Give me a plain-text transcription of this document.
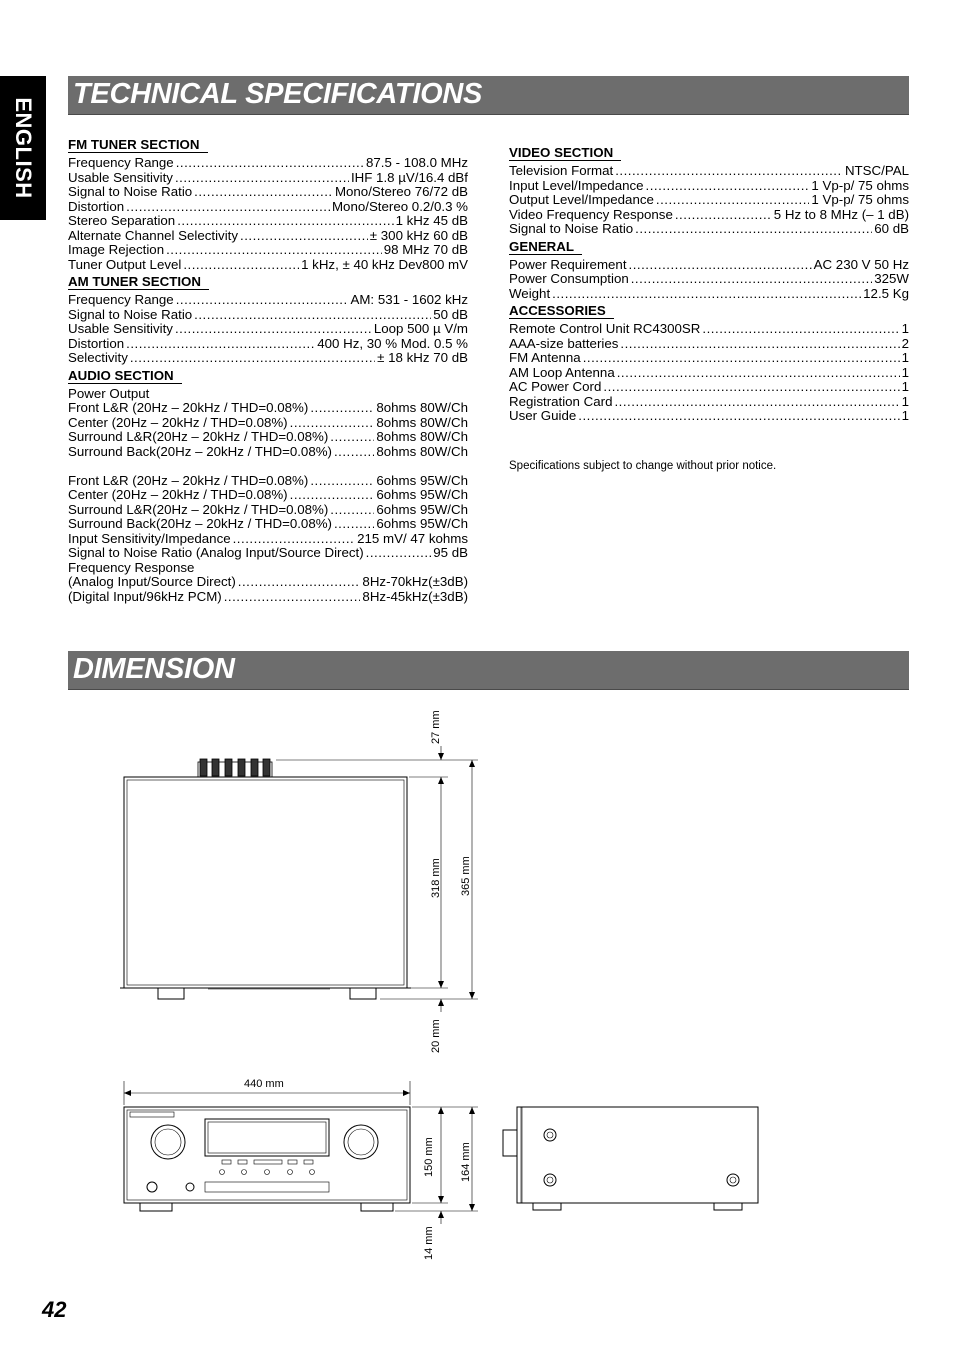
ENGLISH
TECHNICAL SPECIFICATIONS
FM TUNER SECTION
Frequency Range .....	87.5 - 108.0 MHz
Usable Sensitivity .....	IHF 1.8 µV/16.4 dBf
Signal to Noise Ratio .....	Mono/Stereo 76/72 dB
Distortion .....	Mono/Stereo 0.2/0.3 %
Stereo Separation .....	1 kHz 45 dB
Alternate Channel Selectivity .....	± 300 kHz 60 dB
Image Rejection .....	98 MHz 70 dB
Tuner Output Level .....	1 kHz, ± 40 kHz Dev800 mV
AM TUNER SECTION
Frequency Range .....	AM: 531 - 1602 kHz
Signal to Noise Ratio .....	50 dB
Usable Sensitivity .....	Loop 500 µ V/m
Distortion .....	400 Hz, 30 % Mod. 0.5 %
Selectivity .....	± 18 kHz 70 dB
AUDIO SECTION
Power Output
Front L&R (20Hz – 20kHz / THD=0.08%) .....	8ohms 80W/Ch
Center (20Hz – 20kHz / THD=0.08%) .....	8ohms 80W/Ch
Surround L&R(20Hz – 20kHz / THD=0.08%) .....	8ohms 80W/Ch
Surround Back(20Hz – 20kHz / THD=0.08%) .....	8ohms 80W/Ch
Front L&R (20Hz – 20kHz / THD=0.08%) .....	6ohms 95W/Ch
Center (20Hz – 20kHz / THD=0.08%) .....	6ohms 95W/Ch
Surround L&R(20Hz – 20kHz / THD=0.08%) .....	6ohms 95W/Ch
Surround Back(20Hz – 20kHz / THD=0.08%) .....	6ohms 95W/Ch
Input Sensitivity/Impedance .....	215 mV/ 47 kohms
Signal to Noise Ratio (Analog Input/Source Direct) .....	95 dB
Frequency Response
(Analog Input/Source Direct) .....	8Hz-70kHz(±3dB)
(Digital Input/96kHz PCM) .....	8Hz-45kHz(±3dB)
VIDEO SECTION
Television Format .....	NTSC/PAL
Input Level/Impedance .....	1 Vp-p/ 75 ohms
Output Level/Impedance .....	1 Vp-p/ 75 ohms
Video Frequency Response .....	5 Hz to 8 MHz (– 1 dB)
Signal to Noise Ratio .....	60 dB
GENERAL
Power Requirement .....	AC 230 V 50 Hz
Power Consumption .....	325W
Weight .....	12.5 Kg
ACCESSORIES
Remote Control Unit RC4300SR .....	1
AAA-size batteries .....	2
FM Antenna .....	1
AM Loop Antenna .....	1
AC Power Cord .....	1
Registration Card .....	1
User Guide .....	1
Specifications subject to change without prior notice.
DIMENSION
27 mm
318 mm 365 mm
20 mm
440 mm
150 mm 164 mm
14 mm
42
